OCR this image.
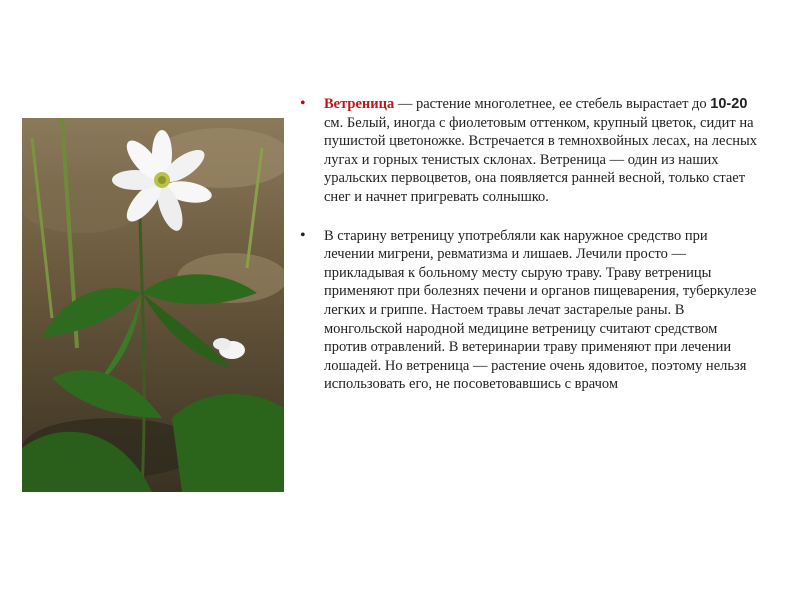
• Ветреница — растение многолетнее, ее стебель вырастает до 10-20 см. Белый, иногда с фиолетовым оттенком, крупный цветок, сидит на пушистой цветоножке. Встречается в темнохвойных лесах, на лесных лугах и горных тенистых склонах. Ветреница — один из наших уральских первоцветов, она появляется ранней весной, только стает снег и начнет пригревать солнышко.

• В старину ветреницу употребляли как наружное средство при лечении мигрени, ревматизма и лишаев. Лечили просто — прикладывая к больному месту сырую траву. Траву ветреницы применяют при болезнях печени и органов пищеварения, туберкулезе легких и гриппе. Настоем травы лечат застарелые раны. В монгольской народной медицине ветреницу считают средством против отравлений. В ветеринарии траву применяют при лечении лошадей. Но ветреница — растение очень ядовитое, поэтому нельзя использовать его, не посоветовавшись с врачом
